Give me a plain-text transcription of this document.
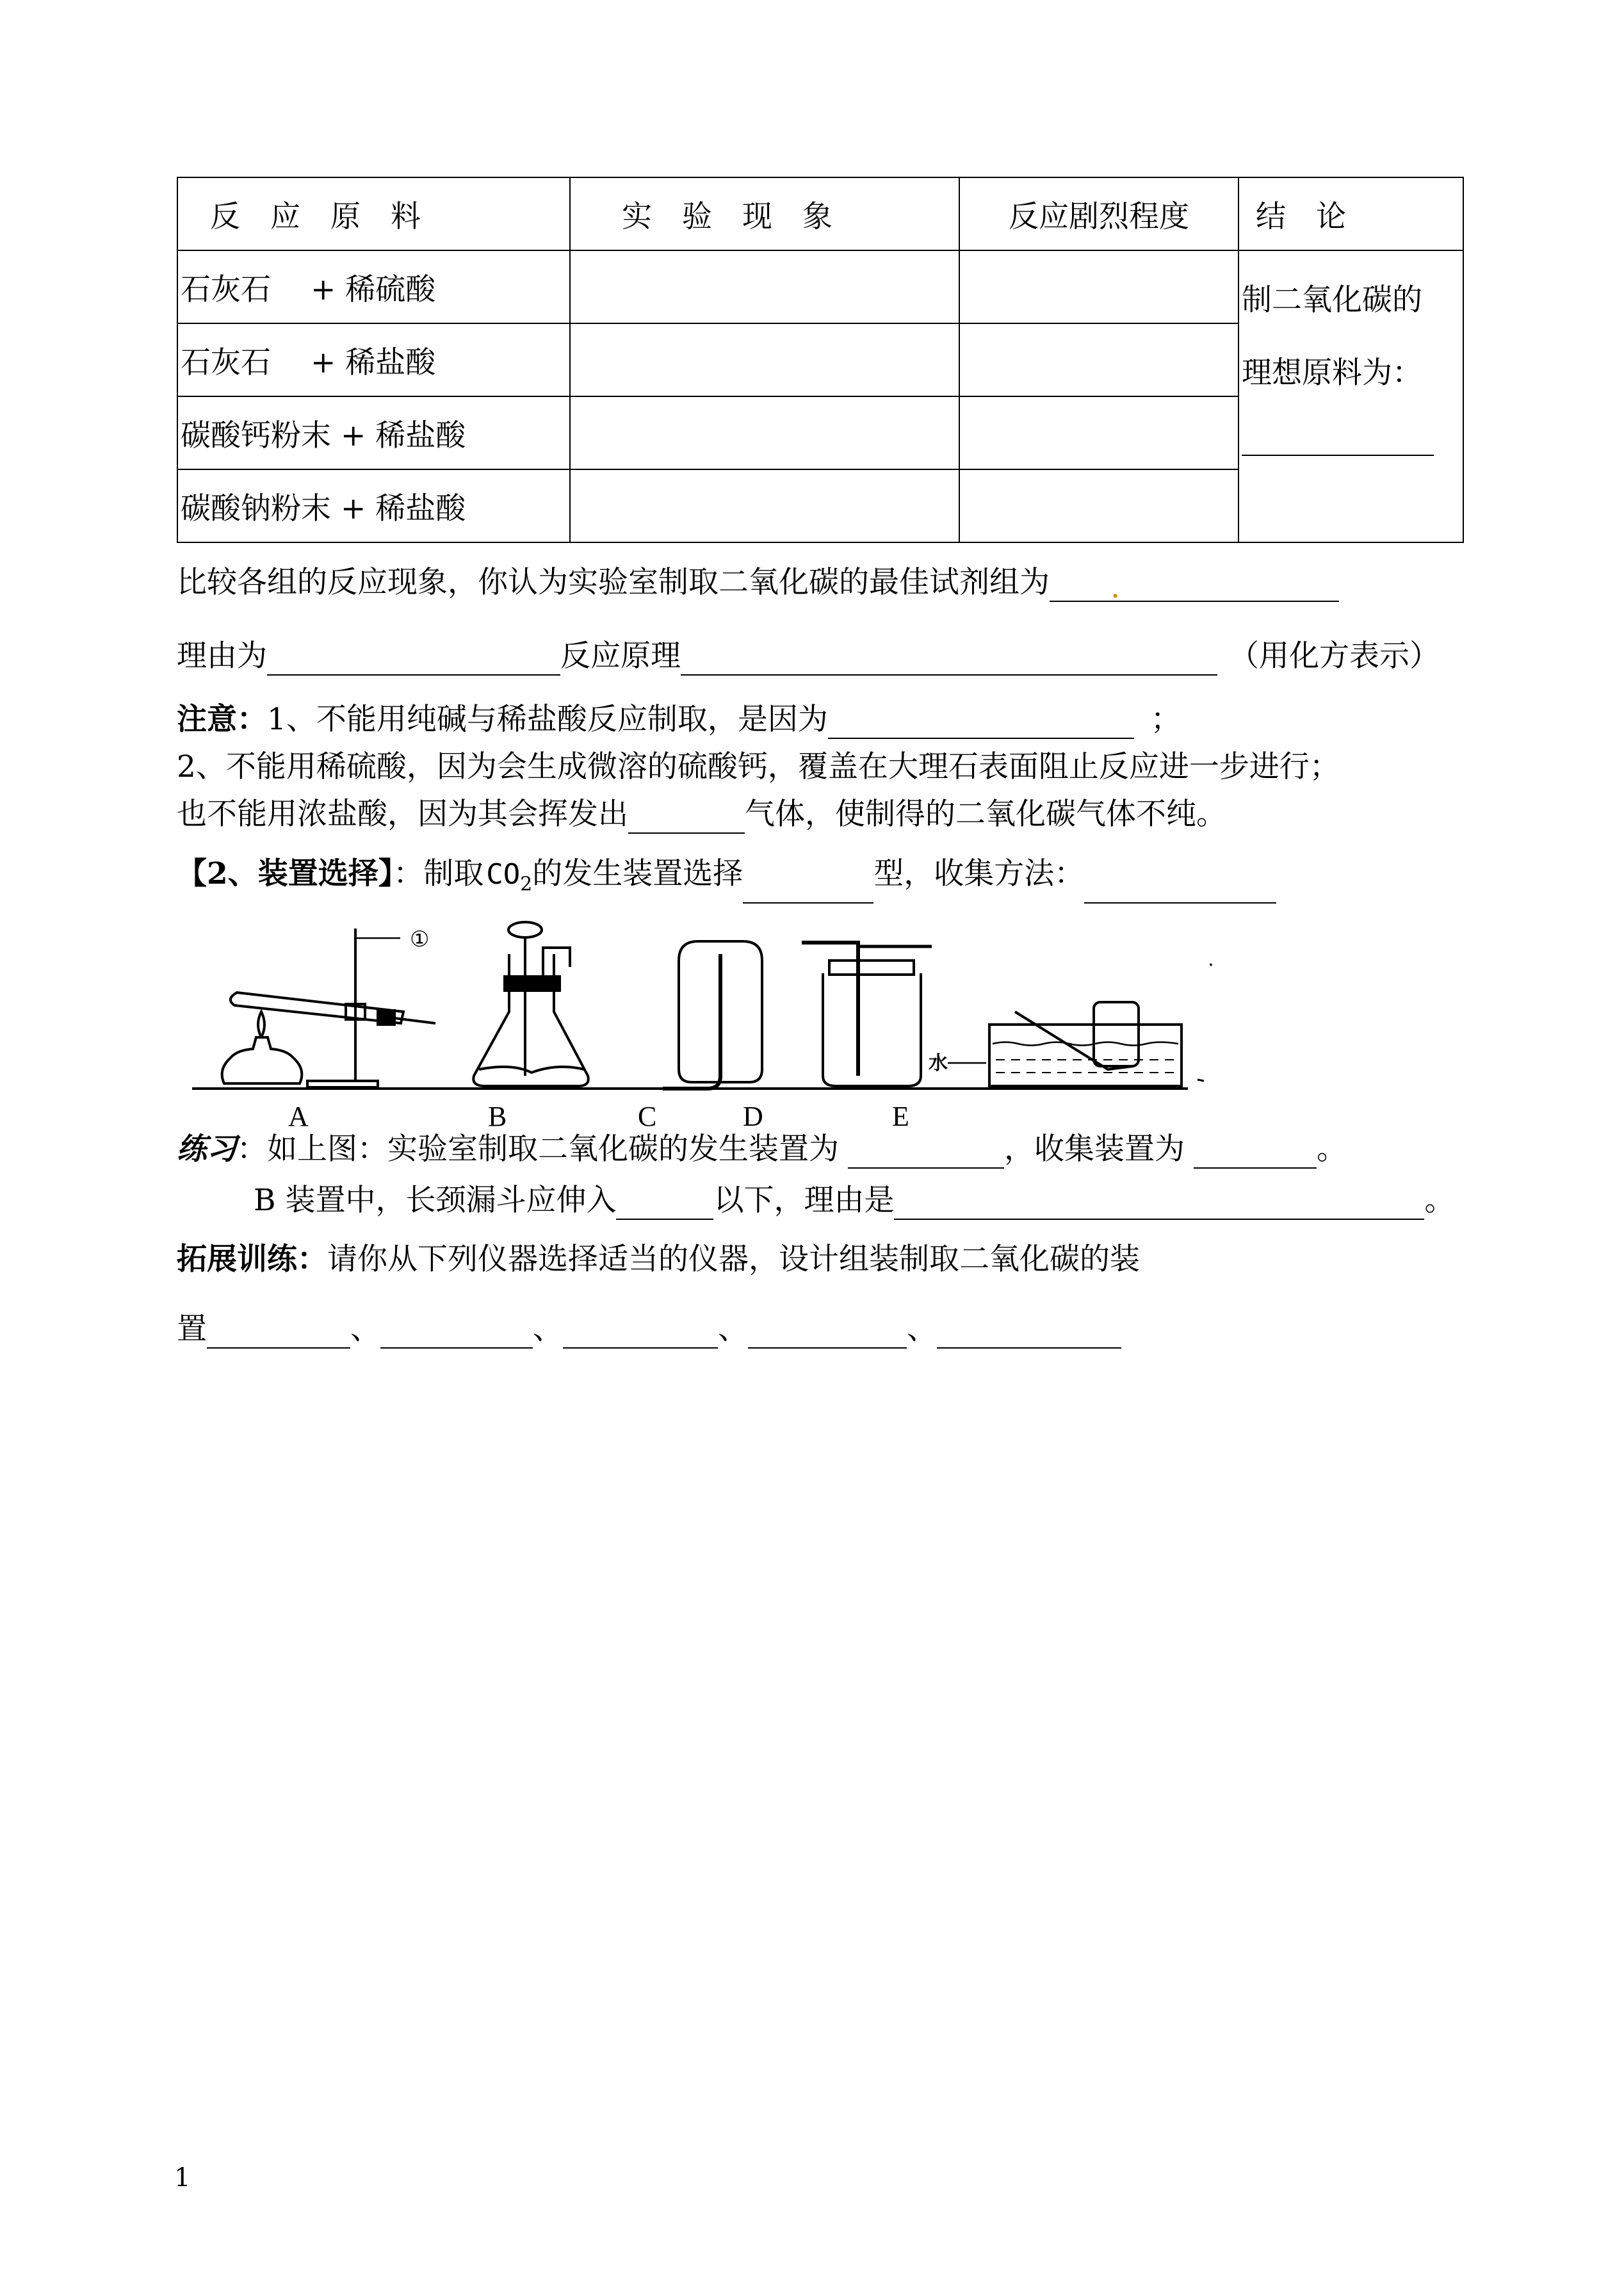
反　应　原　料	实　验　现　象	反应剧烈程度	结　论
石灰石　 + 稀硫酸			制二氧化碳的
理想原料为：

石灰石　 + 稀盐酸			
碳酸钙粉末 + 稀盐酸			
碳酸钠粉末 + 稀盐酸			
比较各组的反应现象，你认为实验室制取二氧化碳的最佳试剂组为 .
理由为	反应原理	（用化方表示）
注意：1、不能用纯碱与稀盐酸反应制取，是因为	；
2、不能用稀硫酸，因为会生成微溶的硫酸钙，覆盖在大理石表面阻止反应进一步进行；
也不能用浓盐酸，因为其会挥发出	气体，使制得的二氧化碳气体不纯。
【2、装置选择】：制取$CO_2$的发生装置选择	型，收集方法：
①
水
A	B	C	D	E
练习：如上图：实验室制取二氧化碳的发生装置为	，收集装置为	。
B 装置中，长颈漏斗应伸入	以下，理由是	。
拓展训练：请你从下列仪器选择适当的仪器，设计组装制取二氧化碳的装
置	、	、	、	、
1
